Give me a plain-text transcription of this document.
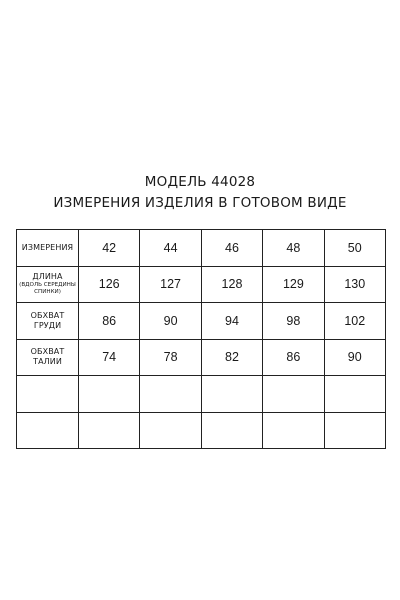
МОДЕЛЬ 44028
ИЗМЕРЕНИЯ ИЗДЕЛИЯ В ГОТОВОМ ВИДЕ
ИЗМЕРЕНИЯ	42	44	46	48	50

ДЛИНА
(ВДОЛЬ СЕРЕДИНЫ
СПИНКИ)	126	127	128	129	130

ОБХВАТ
ГРУДИ	86	90	94	98	102

ОБХВАТ
ТАЛИИ	74	78	82	86	90
